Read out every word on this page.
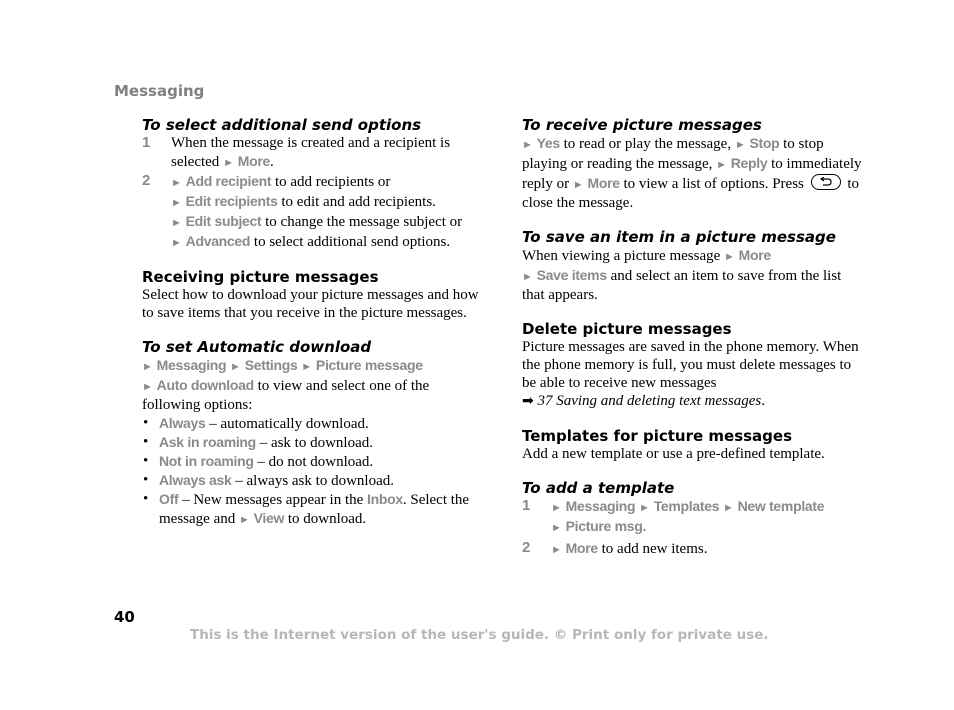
Messaging
To select additional send options
1 When the message is created and a recipient is selected ► More.
2 ► Add recipient to add recipients or
► Edit recipients to edit and add recipients.
► Edit subject to change the message subject or
► Advanced to select additional send options.
Receiving picture messages

Select how to download your picture messages and how to save items that you receive in the picture messages.

To set Automatic download
► Messaging ► Settings ► Picture message
► Auto download to view and select one of the following options:
• Always – automatically download.
• Ask in roaming – ask to download.
• Not in roaming – do not download.
• Always ask – always ask to download.
• Off – New messages appear in the Inbox. Select the message and ► View to download.
To receive picture messages

► Yes to read or play the message, ► Stop to stop playing or reading the message, ► Reply to immediately reply or ► More to view a list of options. Press	to close the message.

To save an item in a picture message

When viewing a picture message ► More
► Save items and select an item to save from the list that appears.

Delete picture messages

Picture messages are saved in the phone memory. When the phone memory is full, you must delete messages to be able to receive new messages
➡ 37 Saving and deleting text messages.

Templates for picture messages

Add a new template or use a pre-defined template.

To add a template
1 ► Messaging ► Templates ► New template
► Picture msg.
2 ► More to add new items.
40
This is the Internet version of the user's guide. © Print only for private use.
